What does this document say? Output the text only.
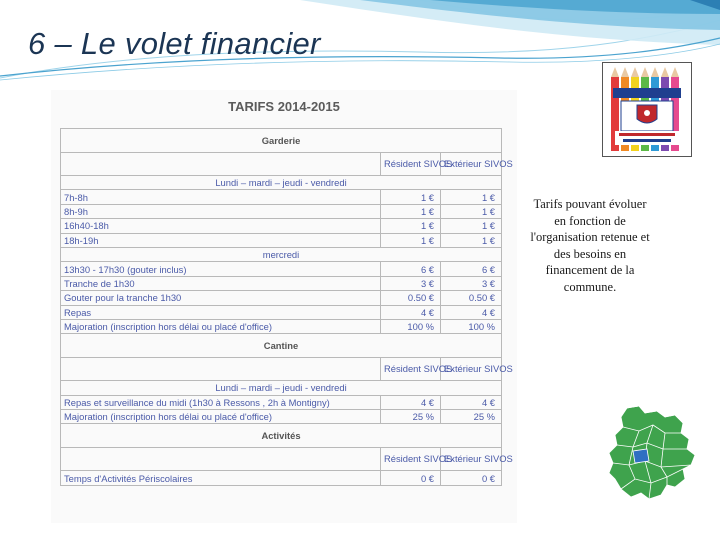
6 – Le volet financier
TARIFS 2014-2015
Garderie		
	Résident SIVOS	Extérieur SIVOS
Lundi – mardi – jeudi - vendredi		
7h-8h	1 €	1 €
8h-9h	1 €	1 €
16h40-18h	1 €	1 €
18h-19h	1 €	1 €
mercredi		
13h30 - 17h30 (gouter inclus)	6 €	6 €
Tranche de 1h30	3 €	3 €
Gouter pour la tranche 1h30	0.50 €	0.50 €
Repas	4 €	4 €
Majoration (inscription hors délai ou placé d'office)	100 %	100 %
Cantine		
	Résident SIVOS	Extérieur SIVOS
Lundi – mardi – jeudi - vendredi		
Repas et surveillance du midi (1h30 à Ressons , 2h à Montigny)	4 €	4 €
Majoration (inscription hors délai ou placé d'office)	25 %	25 %
Activités		
	Résident SIVOS	Extérieur SIVOS
Temps d'Activités Périscolaires	0 €	0 €
Tarifs pouvant évoluer en fonction de l'organisation retenue et des besoins en financement de la commune.
